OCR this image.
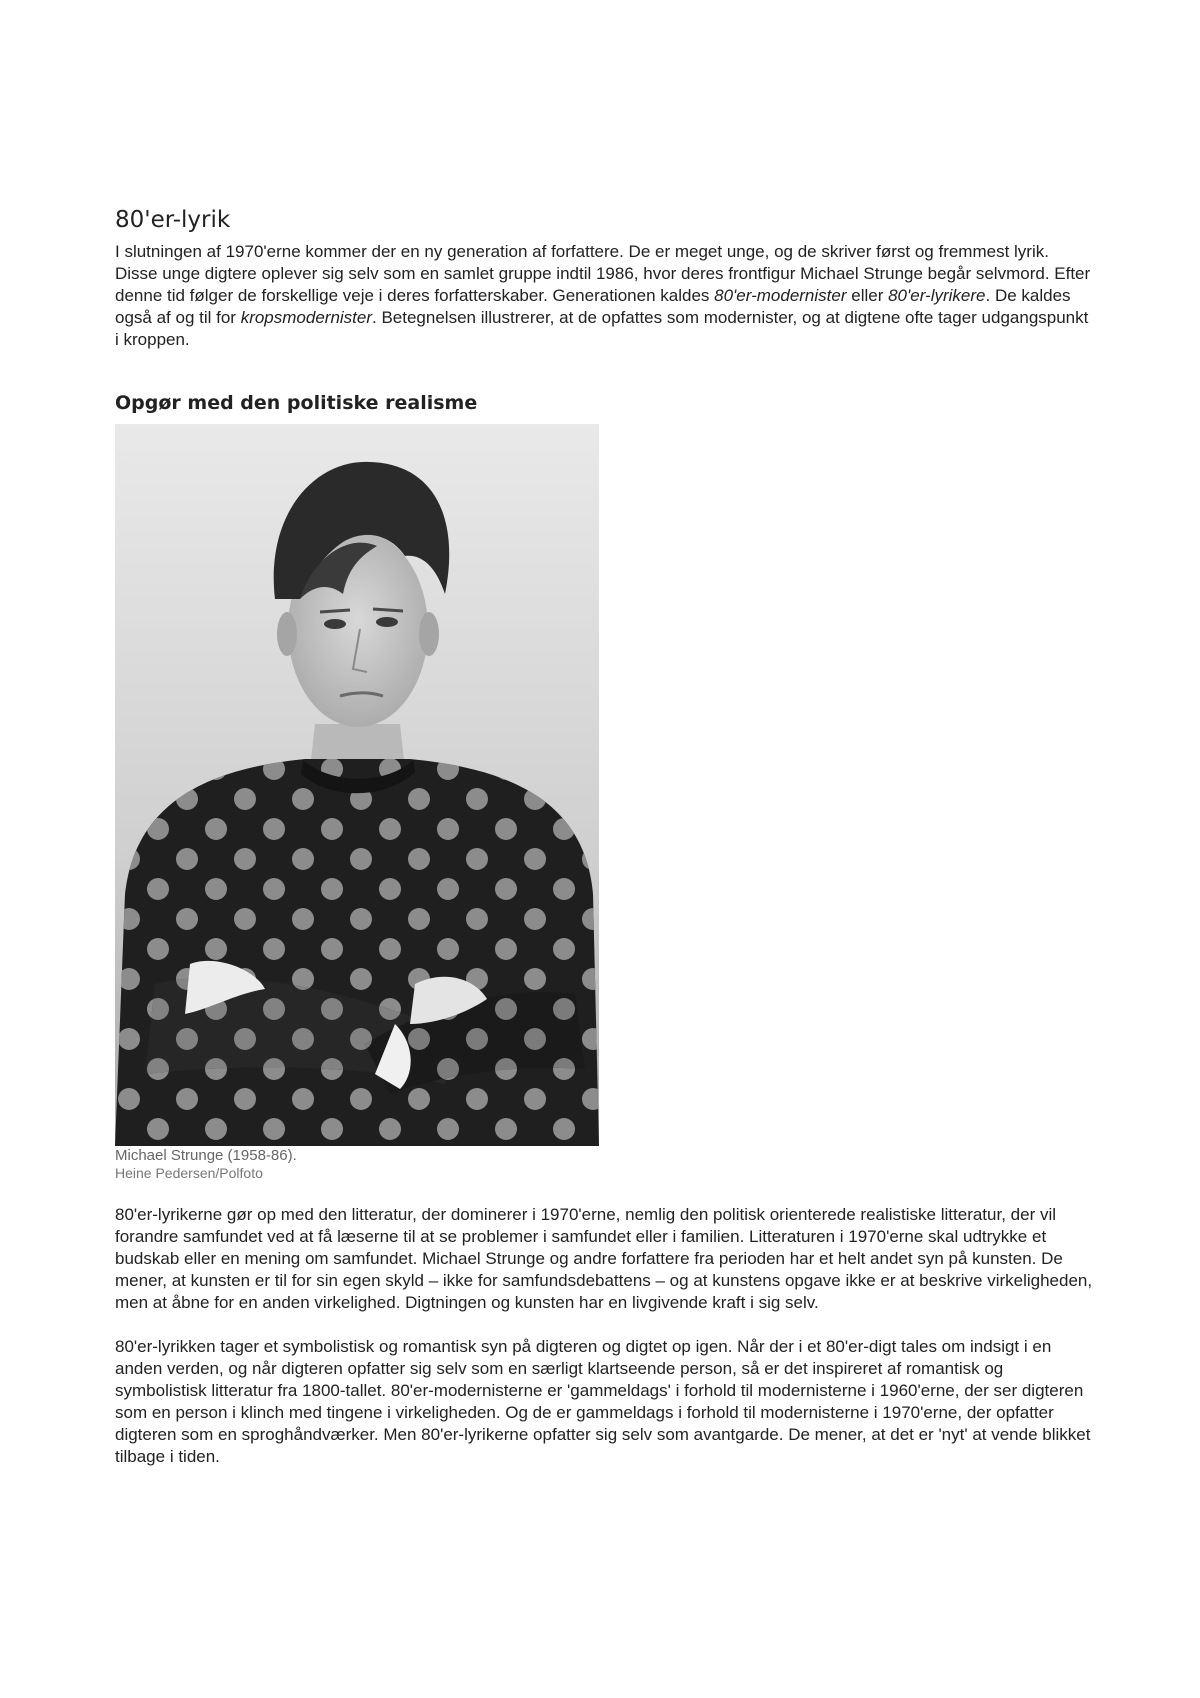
80'er-lyrik

I slutningen af 1970'erne kommer der en ny generation af forfattere. De er meget unge, og de skriver først og fremmest lyrik. Disse unge digtere oplever sig selv som en samlet gruppe indtil 1986, hvor deres frontfigur Michael Strunge begår selvmord. Efter denne tid følger de forskellige veje i deres forfatterskaber. Generationen kaldes 80'er-modernister eller 80'er-lyrikere. De kaldes også af og til for kropsmodernister. Betegnelsen illustrerer, at de opfattes som modernister, og at digtene ofte tager udgangspunkt i kroppen.

Opgør med den politiske realisme
Michael Strunge (1958-86).
Heine Pedersen/Polfoto

80'er-lyrikerne gør op med den litteratur, der dominerer i 1970'erne, nemlig den politisk orienterede realistiske litteratur, der vil forandre samfundet ved at få læserne til at se problemer i samfundet eller i familien. Litteraturen i 1970'erne skal udtrykke et budskab eller en mening om samfundet. Michael Strunge og andre forfattere fra perioden har et helt andet syn på kunsten. De mener, at kunsten er til for sin egen skyld – ikke for samfundsdebattens – og at kunstens opgave ikke er at beskrive virkeligheden, men at åbne for en anden virkelighed. Digtningen og kunsten har en livgivende kraft i sig selv.

80'er-lyrikken tager et symbolistisk og romantisk syn på digteren og digtet op igen. Når der i et 80'er-digt tales om indsigt i en anden verden, og når digteren opfatter sig selv som en særligt klartseende person, så er det inspireret af romantisk og symbolistisk litteratur fra 1800-tallet. 80'er-modernisterne er 'gammeldags' i forhold til modernisterne i 1960'erne, der ser digteren som en person i klinch med tingene i virkeligheden. Og de er gammeldags i forhold til modernisterne i 1970'erne, der opfatter digteren som en sproghåndværker. Men 80'er-lyrikerne opfatter sig selv som avantgarde. De mener, at det er 'nyt' at vende blikket tilbage i tiden.
